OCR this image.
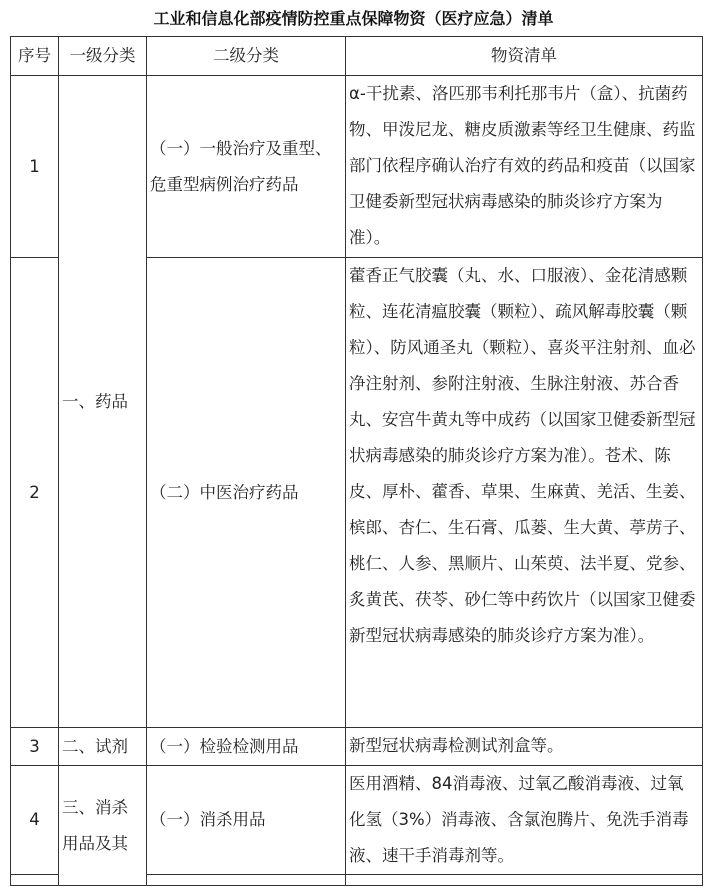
工业和信息化部疫情防控重点保障物资（医疗应急）清单
序号	一级分类	二级分类	物资清单
1	一、药品	（一）一般治疗及重型、危重型病例治疗药品	α-干扰素、洛匹那韦利托那韦片（盒）、抗菌药物、甲泼尼龙、糖皮质激素等经卫生健康、药监部门依程序确认治疗有效的药品和疫苗（以国家卫健委新型冠状病毒感染的肺炎诊疗方案为准）。
2		（二）中医治疗药品	藿香正气胶囊（丸、水、口服液）、金花清感颗粒、连花清瘟胶囊（颗粒）、疏风解毒胶囊（颗粒）、防风通圣丸（颗粒）、喜炎平注射剂、血必净注射剂、参附注射液、生脉注射液、苏合香丸、安宫牛黄丸等中成药（以国家卫健委新型冠状病毒感染的肺炎诊疗方案为准）。苍术、陈皮、厚朴、藿香、草果、生麻黄、羌活、生姜、槟郎、杏仁、生石膏、瓜蒌、生大黄、葶苈子、桃仁、人参、黑顺片、山茱萸、法半夏、党参、炙黄芪、茯苓、砂仁等中药饮片（以国家卫健委新型冠状病毒感染的肺炎诊疗方案为准）。
3	二、试剂	（一）检验检测用品	新型冠状病毒检测试剂盒等。
4	三、消杀用品及其	（一）消杀用品	医用酒精、84消毒液、过氧乙酸消毒液、过氧化氢（3%）消毒液、含氯泡腾片、免洗手消毒液、速干手消毒剂等。
